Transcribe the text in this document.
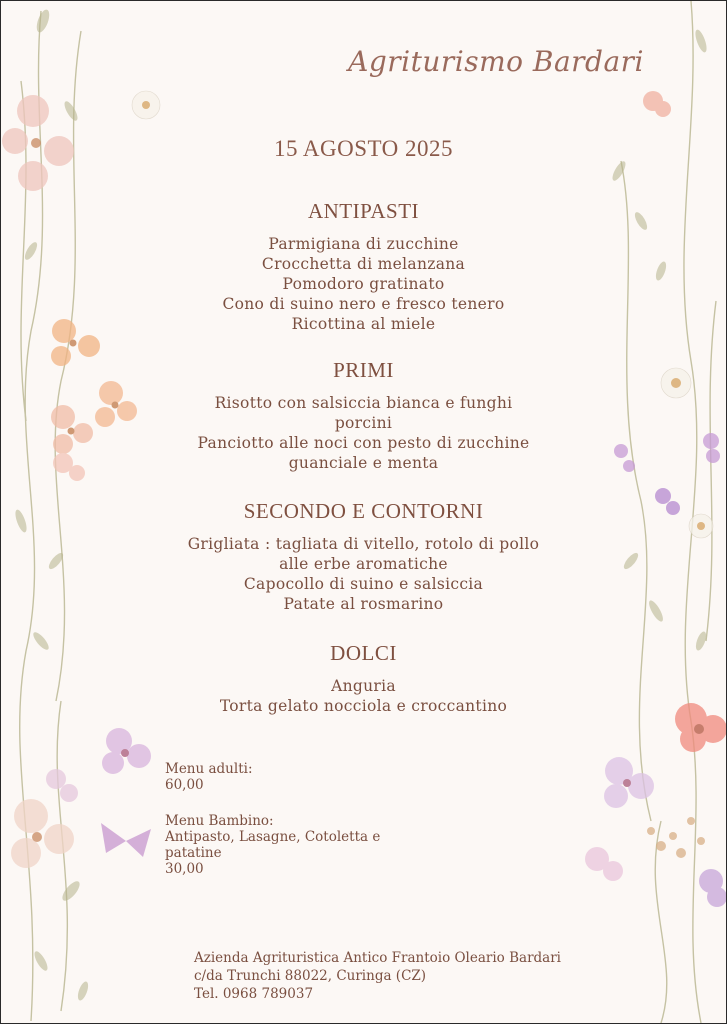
Agriturismo Bardari
15 AGOSTO 2025
ANTIPASTI
Parmigiana di zucchine
Crocchetta di melanzana
Pomodoro gratinato
Cono di suino nero e fresco tenero
Ricottina al miele
PRIMI
Risotto con salsiccia bianca e funghi
porcini
Panciotto alle noci con pesto di zucchine
guanciale e menta
SECONDO E CONTORNI
Grigliata : tagliata di vitello, rotolo di pollo
alle erbe aromatiche
Capocollo di suino e salsiccia
Patate al rosmarino
DOLCI
Anguria
Torta gelato nocciola e croccantino
Menu adulti:
60,00
Menu Bambino:
Antipasto, Lasagne, Cotoletta e
patatine
30,00
Azienda Agrituristica Antico Frantoio Oleario Bardari
c/da Trunchi 88022, Curinga (CZ)
Tel. 0968 789037
